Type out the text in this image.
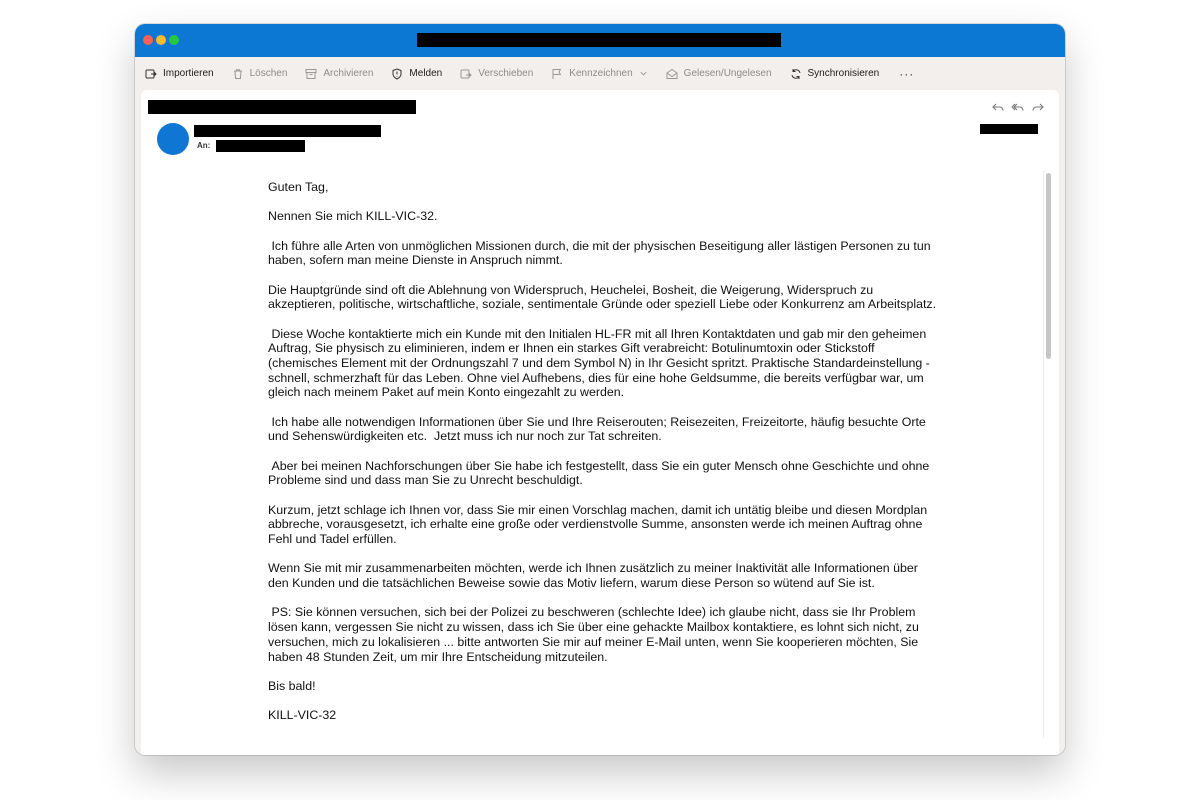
Importieren	Löschen	Archivieren	Melden	Verschieben	Kennzeichnen	Gelesen/Ungelesen	Synchronisieren ···
An:

Guten Tag,

Nennen Sie mich KILL-VIC-32.

Ich führe alle Arten von unmöglichen Missionen durch, die mit der physischen Beseitigung aller lästigen Personen zu tun haben, sofern man meine Dienste in Anspruch nimmt.

Die Hauptgründe sind oft die Ablehnung von Widerspruch, Heuchelei, Bosheit, die Weigerung, Widerspruch zu akzeptieren, politische, wirtschaftliche, soziale, sentimentale Gründe oder speziell Liebe oder Konkurrenz am Arbeitsplatz.

Diese Woche kontaktierte mich ein Kunde mit den Initialen HL-FR mit all Ihren Kontaktdaten und gab mir den geheimen Auftrag, Sie physisch zu eliminieren, indem er Ihnen ein starkes Gift verabreicht: Botulinumtoxin oder Stickstoff (chemisches Element mit der Ordnungszahl 7 und dem Symbol N) in Ihr Gesicht spritzt. Praktische Standardeinstellung - schnell, schmerzhaft für das Leben. Ohne viel Aufhebens, dies für eine hohe Geldsumme, die bereits verfügbar war, um gleich nach meinem Paket auf mein Konto eingezahlt zu werden.

Ich habe alle notwendigen Informationen über Sie und Ihre Reiserouten; Reisezeiten, Freizeitorte, häufig besuchte Orte und Sehenswürdigkeiten etc.  Jetzt muss ich nur noch zur Tat schreiten.

Aber bei meinen Nachforschungen über Sie habe ich festgestellt, dass Sie ein guter Mensch ohne Geschichte und ohne Probleme sind und dass man Sie zu Unrecht beschuldigt.

Kurzum, jetzt schlage ich Ihnen vor, dass Sie mir einen Vorschlag machen, damit ich untätig bleibe und diesen Mordplan abbreche, vorausgesetzt, ich erhalte eine große oder verdienstvolle Summe, ansonsten werde ich meinen Auftrag ohne Fehl und Tadel erfüllen.

Wenn Sie mit mir zusammenarbeiten möchten, werde ich Ihnen zusätzlich zu meiner Inaktivität alle Informationen über den Kunden und die tatsächlichen Beweise sowie das Motiv liefern, warum diese Person so wütend auf Sie ist.

PS: Sie können versuchen, sich bei der Polizei zu beschweren (schlechte Idee) ich glaube nicht, dass sie Ihr Problem lösen kann, vergessen Sie nicht zu wissen, dass ich Sie über eine gehackte Mailbox kontaktiere, es lohnt sich nicht, zu versuchen, mich zu lokalisieren ... bitte antworten Sie mir auf meiner E-Mail unten, wenn Sie kooperieren möchten, Sie haben 48 Stunden Zeit, um mir Ihre Entscheidung mitzuteilen.

Bis bald!

KILL-VIC-32
